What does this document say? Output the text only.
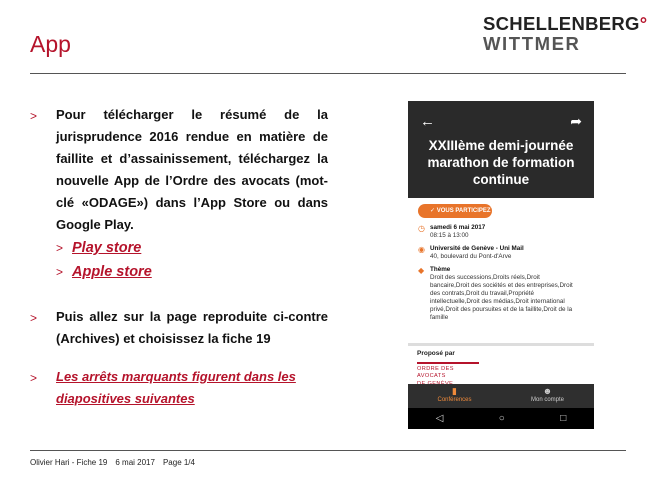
App
SCHELLENBERG °
WITTMER
>	Pour télécharger le résumé de la jurisprudence 2016 rendue en matière de faillite et d’assainissement, téléchargez la nouvelle App de l’Ordre des avocats (mot-clé «ODAGE») dans l’App Store ou dans Google Play.
> Play store
> Apple store
>	Puis allez sur la page reproduite ci-contre (Archives) et choisissez la fiche 19
>	Les arrêts marquants figurent dans les diapositives suivantes
←	➦
XXIIIème demi-journée marathon de formation continue
✓ VOUS PARTICIPEZ
◷ samedi 6 mai 2017
08:15 à 13:00
◉ Université de Genève - Uni Mail
40, boulevard du Pont-d'Arve
◆ Thème
Droit des successions,Droits réels,Droit bancaire,Droit des sociétés et des entreprises,Droit des contrats,Droit du travail,Propriété intellectuelle,Droit des médias,Droit international privé,Droit des poursuites et de la faillite,Droit de la famille
Proposé par
ORDRE DES AVOCATS
▮
Conférences
☻
Mon compte
◁	○	□
Olivier Hari - Fiche 19 6 mai 2017 Page 1/4
